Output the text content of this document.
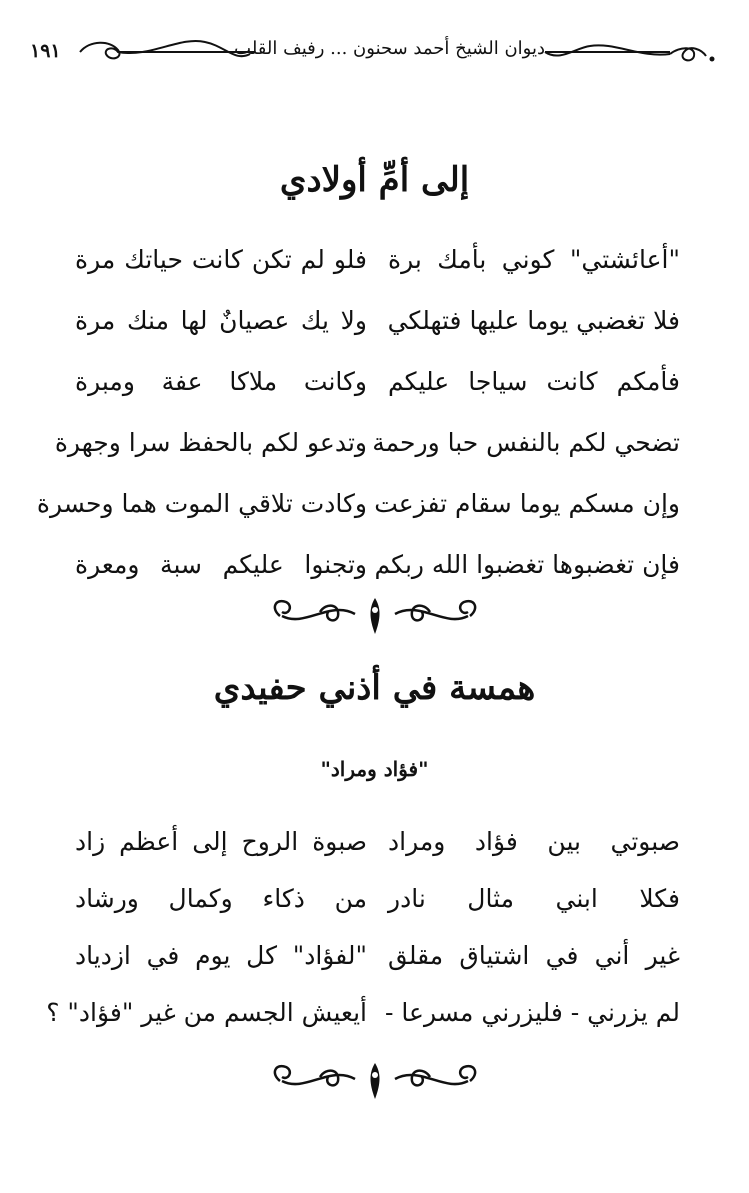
١٩١	ديوان الشيخ أحمد سحنون ... رفيف القلب
إلى أمِّ أولادي
"أعائشتي" كوني بأمك برة
فلو لم تكن كانت حياتك مرة
فلا تغضبي يوما عليها فتهلكي
ولا يك عصيانٌ لها منك مرة
فأمكم كانت سياجا عليكم
وكانت ملاكا عفة ومبرة
تضحي لكم بالنفس حبا ورحمة
وتدعو لكم بالحفظ سرا وجهرة
وإن مسكم يوما سقام تفزعت
وكادت تلاقي الموت هما وحسرة
فإن تغضبوها تغضبوا الله ربكم
وتجنوا عليكم سبة ومعرة
همسة في أذني حفيدي
"فؤاد ومراد"
صبوتي بين فؤاد ومراد
صبوة الروح إلى أعظم زاد
فكلا ابني مثال نادر
من ذكاء وكمال ورشاد
غير أني في اشتياق مقلق
"لفؤاد" كل يوم في ازدياد
لم يزرني - فليزرني مسرعا -
أيعيش الجسم من غير "فؤاد" ؟
